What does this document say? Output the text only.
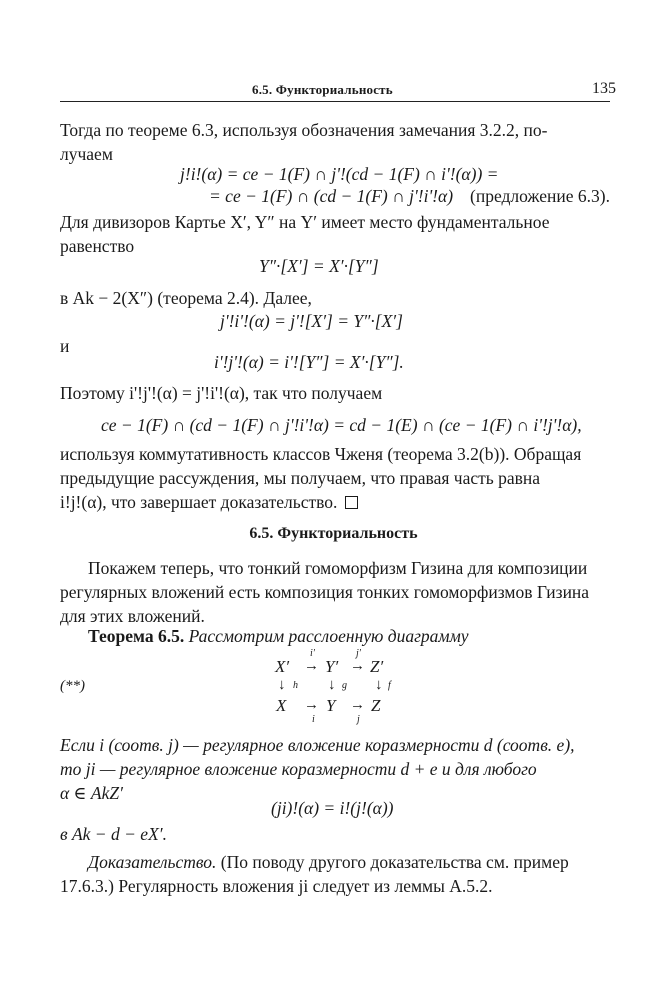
6.5. Функториальность	135
Тогда по теореме 6.3, используя обозначения замечания 3.2.2, по-
лучаем
j!i!(α) = ce − 1(F) ∩ j'!(cd − 1(F) ∩ i'!(α)) =
= ce − 1(F) ∩ (cd − 1(F) ∩ j'!i'!α) (предложение 6.3).
Для дивизоров Картье X′, Y″ на Y′ имеет место фундаментальное
равенство
Y″·[X′] = X′·[Y″]
в Ak − 2(X″) (теорема 2.4). Далее,
j'!i'!(α) = j'![X′] = Y″·[X′]
и
i'!j'!(α) = i'![Y″] = X′·[Y″].
Поэтому i'!j'!(α) = j'!i'!(α), так что получаем
ce − 1(F) ∩ (cd − 1(F) ∩ j'!i'!α) = cd − 1(E) ∩ (ce − 1(F) ∩ i'!j'!α),
используя коммутативность классов Чженя (теорема 3.2(b)). Обращая
предыдущие рассуждения, мы получаем, что правая часть равна
i!j!(α), что завершает доказательство.
6.5. Функториальность
Покажем теперь, что тонкий гомоморфизм Гизина для композиции
регулярных вложений есть композиция тонких гомоморфизмов Гизина
для этих вложений.
Теорема 6.5. Рассмотрим расслоенную диаграмму
(**)
i′	j′
X′ → Y′ → Z′
↓ h ↓ g ↓ f
X → Y → Z
i	j
Если i (соотв. j) — регулярное вложение коразмерности d (соотв. e),
то ji — регулярное вложение коразмерности d + e и для любого
α ∈ AkZ′
(ji)!(α) = i!(j!(α))
в Ak − d − eX′.
Доказательство. (По поводу другого доказательства см. пример
17.6.3.) Регулярность вложения ji следует из леммы А.5.2.
